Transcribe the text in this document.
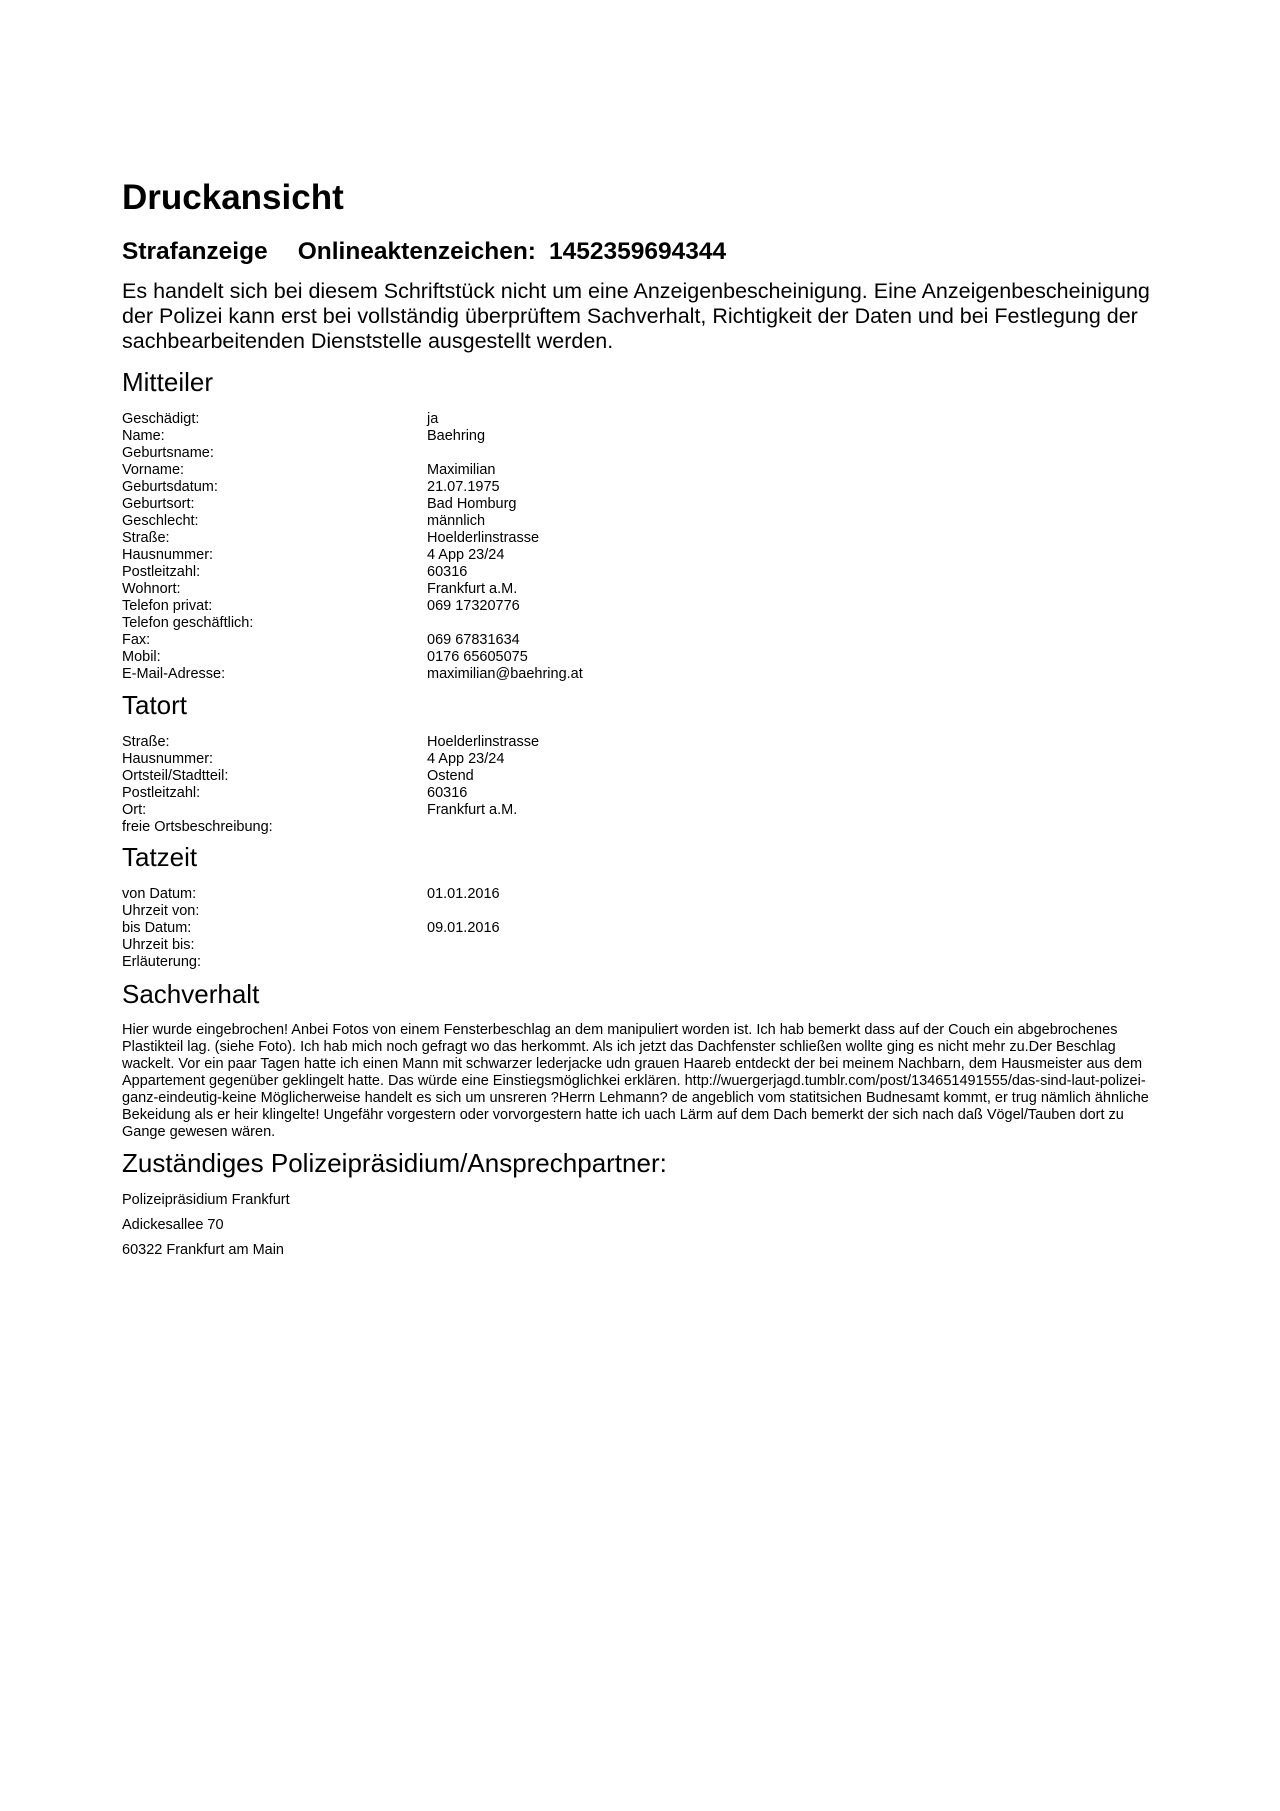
Druckansicht
Strafanzeige Onlineaktenzeichen: 1452359694344

Es handelt sich bei diesem Schriftstück nicht um eine Anzeigenbescheinigung. Eine Anzeigenbescheinigung der Polizei kann erst bei vollständig überprüftem Sachverhalt, Richtigkeit der Daten und bei Festlegung der sachbearbeitenden Dienststelle ausgestellt werden.

Mitteiler
Geschädigt:	ja
Name:	Baehring
Geburtsname:
Vorname:	Maximilian
Geburtsdatum:	21.07.1975
Geburtsort:	Bad Homburg
Geschlecht:	männlich
Straße:	Hoelderlinstrasse
Hausnummer:	4 App 23/24
Postleitzahl:	60316
Wohnort:	Frankfurt a.M.
Telefon privat:	069 17320776
Telefon geschäftlich:
Fax:	069 67831634
Mobil:	0176 65605075
E-Mail-Adresse:	maximilian@baehring.at
Tatort
Straße:	Hoelderlinstrasse
Hausnummer:	4 App 23/24
Ortsteil/Stadtteil:	Ostend
Postleitzahl:	60316
Ort:	Frankfurt a.M.
freie Ortsbeschreibung:
Tatzeit
von Datum:	01.01.2016
Uhrzeit von:
bis Datum:	09.01.2016
Uhrzeit bis:
Erläuterung:
Sachverhalt

Hier wurde eingebrochen! Anbei Fotos von einem Fensterbeschlag an dem manipuliert worden ist. Ich hab bemerkt dass auf der Couch ein abgebrochenes Plastikteil lag. (siehe Foto). Ich hab mich noch gefragt wo das herkommt. Als ich jetzt das Dachfenster schließen wollte ging es nicht mehr zu.Der Beschlag wackelt. Vor ein paar Tagen hatte ich einen Mann mit schwarzer lederjacke udn grauen Haareb entdeckt der bei meinem Nachbarn, dem Hausmeister aus dem Appartement gegenüber geklingelt hatte. Das würde eine Einstiegsmöglichkei erklären. http://wuergerjagd.tumblr.com/post/134651491555/das-sind-laut-polizei-ganz-eindeutig-keine Möglicherweise handelt es sich um unsreren ?Herrn Lehmann? de angeblich vom statitsichen Budnesamt kommt, er trug nämlich ähnliche Bekeidung als er heir klingelte! Ungefähr vorgestern oder vorvorgestern hatte ich uach Lärm auf dem Dach bemerkt der sich nach daß Vögel/Tauben dort zu Gange gewesen wären.

Zuständiges Polizeipräsidium/Ansprechpartner:
Polizeipräsidium Frankfurt
Adickesallee 70
60322 Frankfurt am Main
